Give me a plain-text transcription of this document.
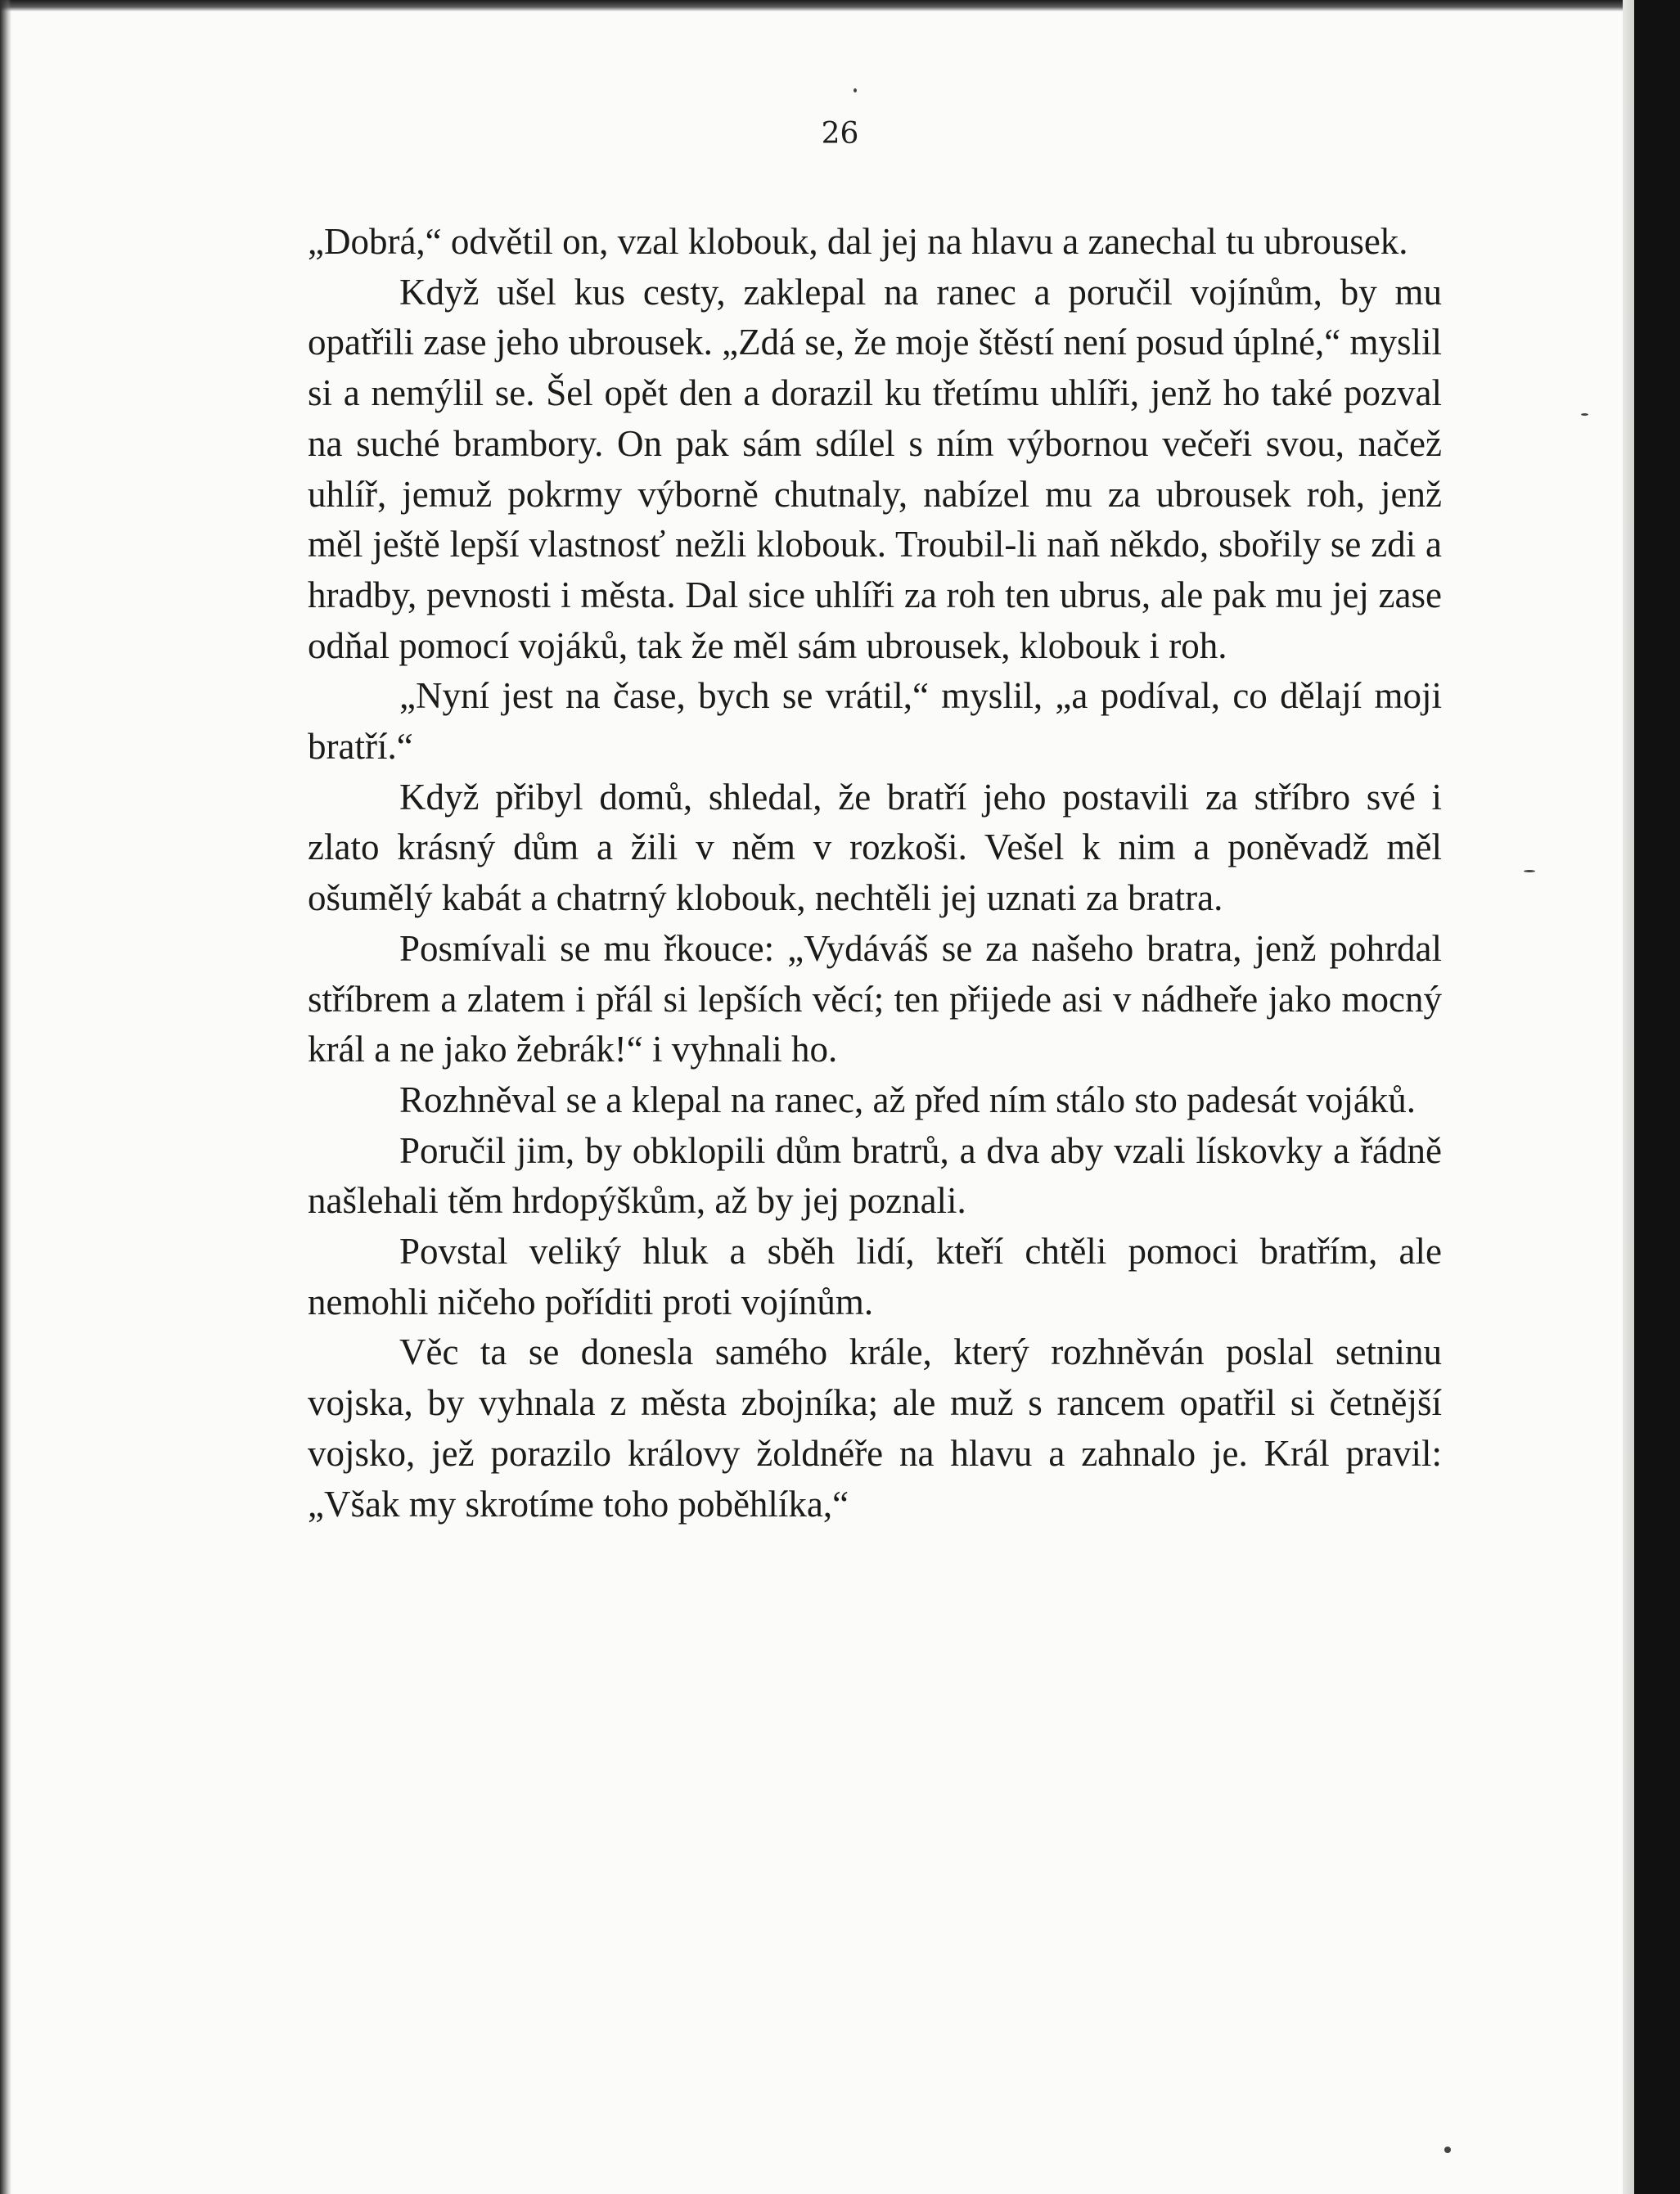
26

„Dobrá,“ odvětil on, vzal klobouk, dal jej na hlavu a zanechal tu ubrousek.

Když ušel kus cesty, zaklepal na ranec a poručil vojínům, by mu opatřili zase jeho ubrousek. „Zdá se, že moje štěstí není posud úplné,“ myslil si a nemýlil se. Šel opět den a dorazil ku třetímu uhlíři, jenž ho také pozval na suché brambory. On pak sám sdílel s ním výbornou večeři svou, načež uhlíř, jemuž pokrmy výborně chutnaly, nabízel mu za ubrousek roh, jenž měl ještě lepší vlastnosť nežli klobouk. Troubil-li naň někdo, sbořily se zdi a hradby, pevnosti i města. Dal sice uhlíři za roh ten ubrus, ale pak mu jej zase odňal pomocí vojáků, tak že měl sám ubrousek, klobouk i roh.

„Nyní jest na čase, bych se vrátil,“ myslil, „a podíval, co dělají moji bratří.“

Když přibyl domů, shledal, že bratří jeho postavili za stříbro své i zlato krásný dům a žili v něm v rozkoši. Vešel k nim a poněvadž měl ošumělý kabát a chatrný klobouk, nechtěli jej uznati za bratra.

Posmívali se mu řkouce: „Vydáváš se za našeho bratra, jenž pohrdal stříbrem a zlatem i přál si lepších věcí; ten přijede asi v nádheře jako mocný král a ne jako žebrák!“ i vyhnali ho.

Rozhněval se a klepal na ranec, až před ním stálo sto padesát vojáků.

Poručil jim, by obklopili dům bratrů, a dva aby vzali lískovky a řádně našlehali těm hrdopýškům, až by jej poznali.

Povstal veliký hluk a sběh lidí, kteří chtěli pomoci bratřím, ale nemohli ničeho poříditi proti vojínům.

Věc ta se donesla samého krále, který rozhněván poslal setninu vojska, by vyhnala z města zbojníka; ale muž s rancem opatřil si četnější vojsko, jež porazilo královy žoldnéře na hlavu a zahnalo je. Král pravil: „Však my skrotíme toho poběhlíka,“
